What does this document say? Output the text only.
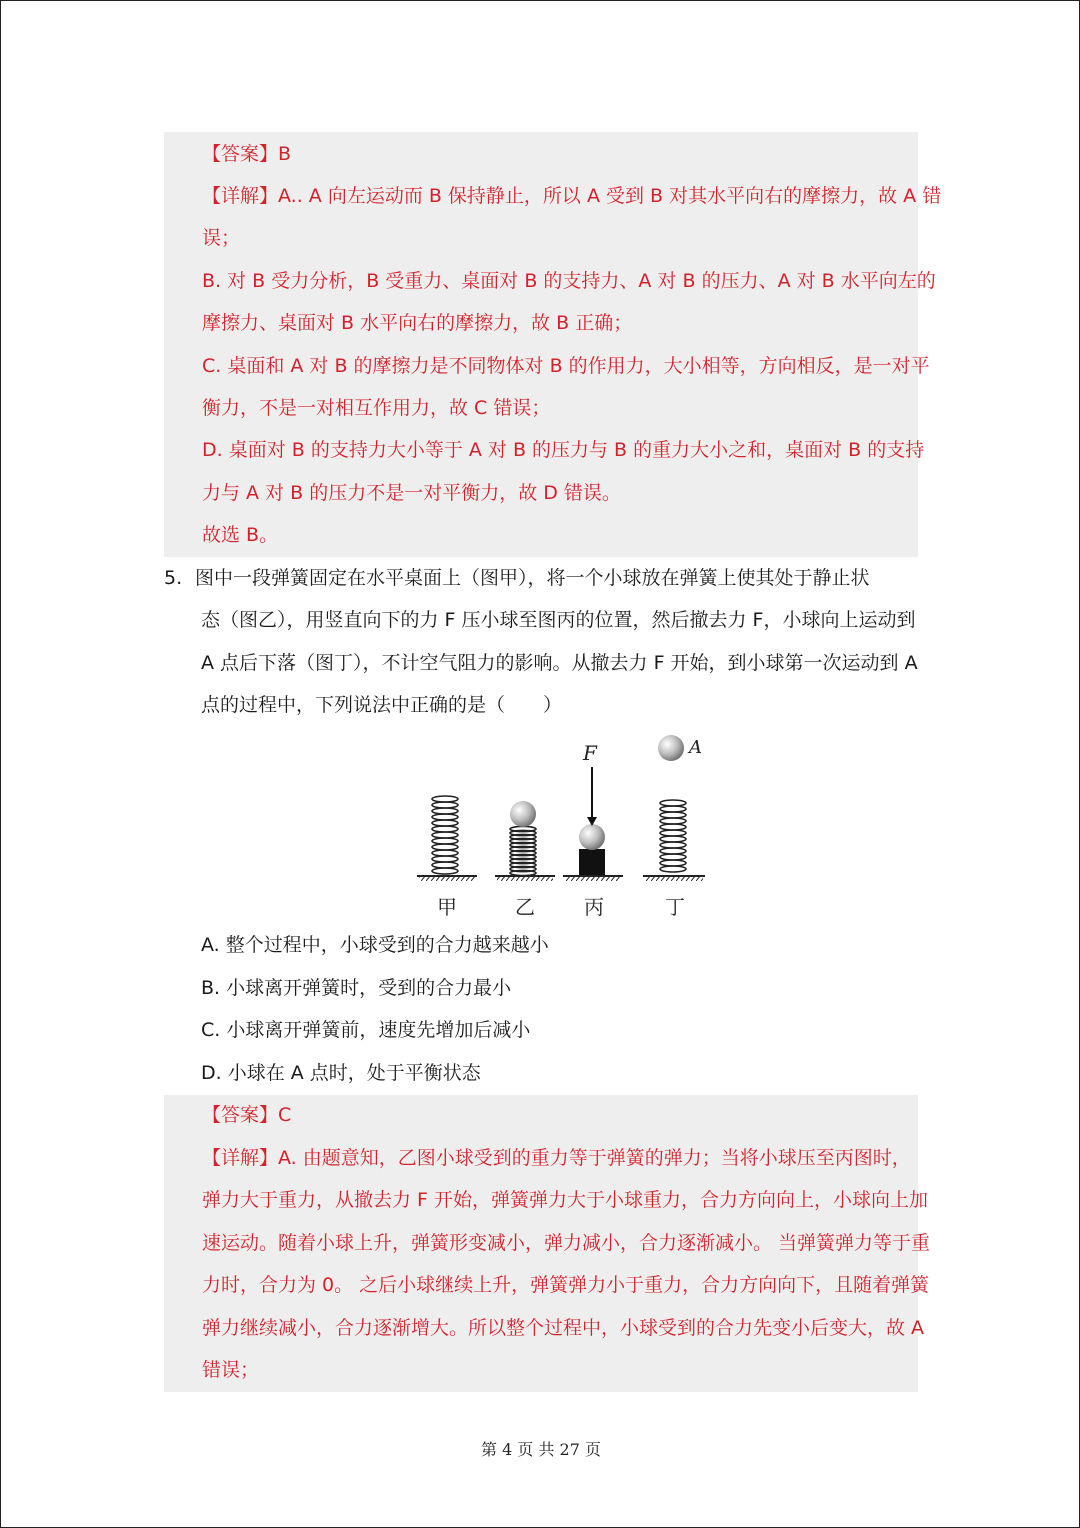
【答案】B
【详解】A.. A 向左运动而 B 保持静止，所以 A 受到 B 对其水平向右的摩擦力，故 A 错
误；
B. 对 B 受力分析，B 受重力、桌面对 B 的支持力、A 对 B 的压力、A 对 B 水平向左的
摩擦力、桌面对 B 水平向右的摩擦力，故 B 正确；
C. 桌面和 A 对 B 的摩擦力是不同物体对 B 的作用力，大小相等，方向相反，是一对平
衡力，不是一对相互作用力，故 C 错误；
D. 桌面对 B 的支持力大小等于 A 对 B 的压力与 B 的重力大小之和，桌面对 B 的支持
力与 A 对 B 的压力不是一对平衡力，故 D 错误。
故选 B。
5. 图中一段弹簧固定在水平桌面上（图甲），将一个小球放在弹簧上使其处于静止状
态（图乙），用竖直向下的力 F 压小球至图丙的位置，然后撤去力 F，小球向上运动到
A 点后下落（图丁），不计空气阻力的影响。从撤去力 F 开始，到小球第一次运动到 A
点的过程中，下列说法中正确的是（　　）
F	A
甲	乙 丙	丁
A. 整个过程中，小球受到的合力越来越小
B. 小球离开弹簧时，受到的合力最小
C. 小球离开弹簧前，速度先增加后减小
D. 小球在 A 点时，处于平衡状态
【答案】C
【详解】A. 由题意知，乙图小球受到的重力等于弹簧的弹力；当将小球压至丙图时，
弹力大于重力，从撤去力 F 开始，弹簧弹力大于小球重力，合力方向向上，小球向上加
速运动。随着小球上升，弹簧形变减小，弹力减小，合力逐渐减小。 当弹簧弹力等于重
力时，合力为 0。 之后小球继续上升，弹簧弹力小于重力，合力方向向下，且随着弹簧
弹力继续减小，合力逐渐增大。所以整个过程中，小球受到的合力先变小后变大，故 A
错误；
第 4 页 共 27 页
